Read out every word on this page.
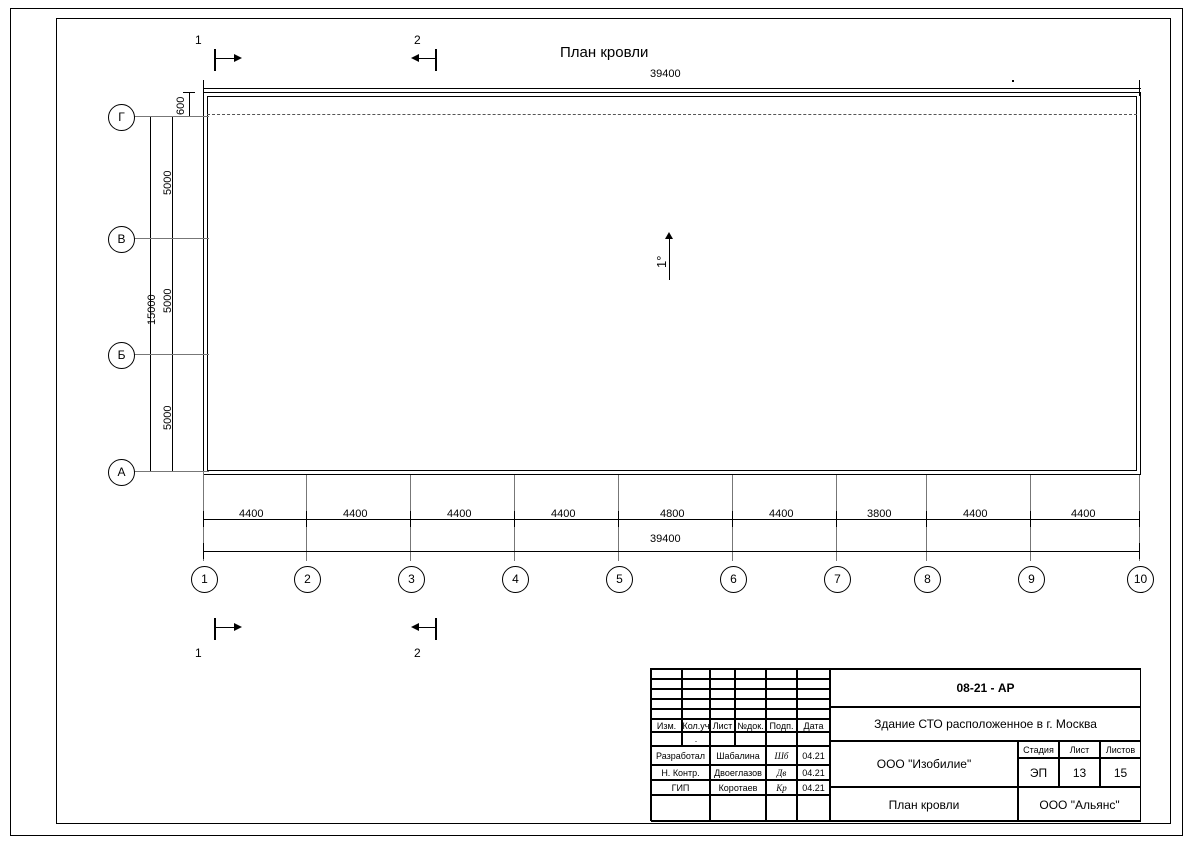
План кровли
1	2
1	2
1°
39400
600
5000
5000
5000
15000
Г
В
Б
А
4400	4400	4400	4400	4800	4400	3800	4400	4400
39400
1	2	3	4	5	6	7	8	9	10
Изм. Кол.уч Лист №док. Подп.	Дата
.
Разработал	Шабалина	Шб	04.21
Н. Контр.	Двоеглазов	Дв	04.21
ГИП	Коротаев	Кр	04.21
08-21 - АР
Здание СТО расположенное в г. Москва
ООО "Изобилие"
План кровли
Стадия	Лист	Листов
ЭП	13	15
ООО "Альянс"
